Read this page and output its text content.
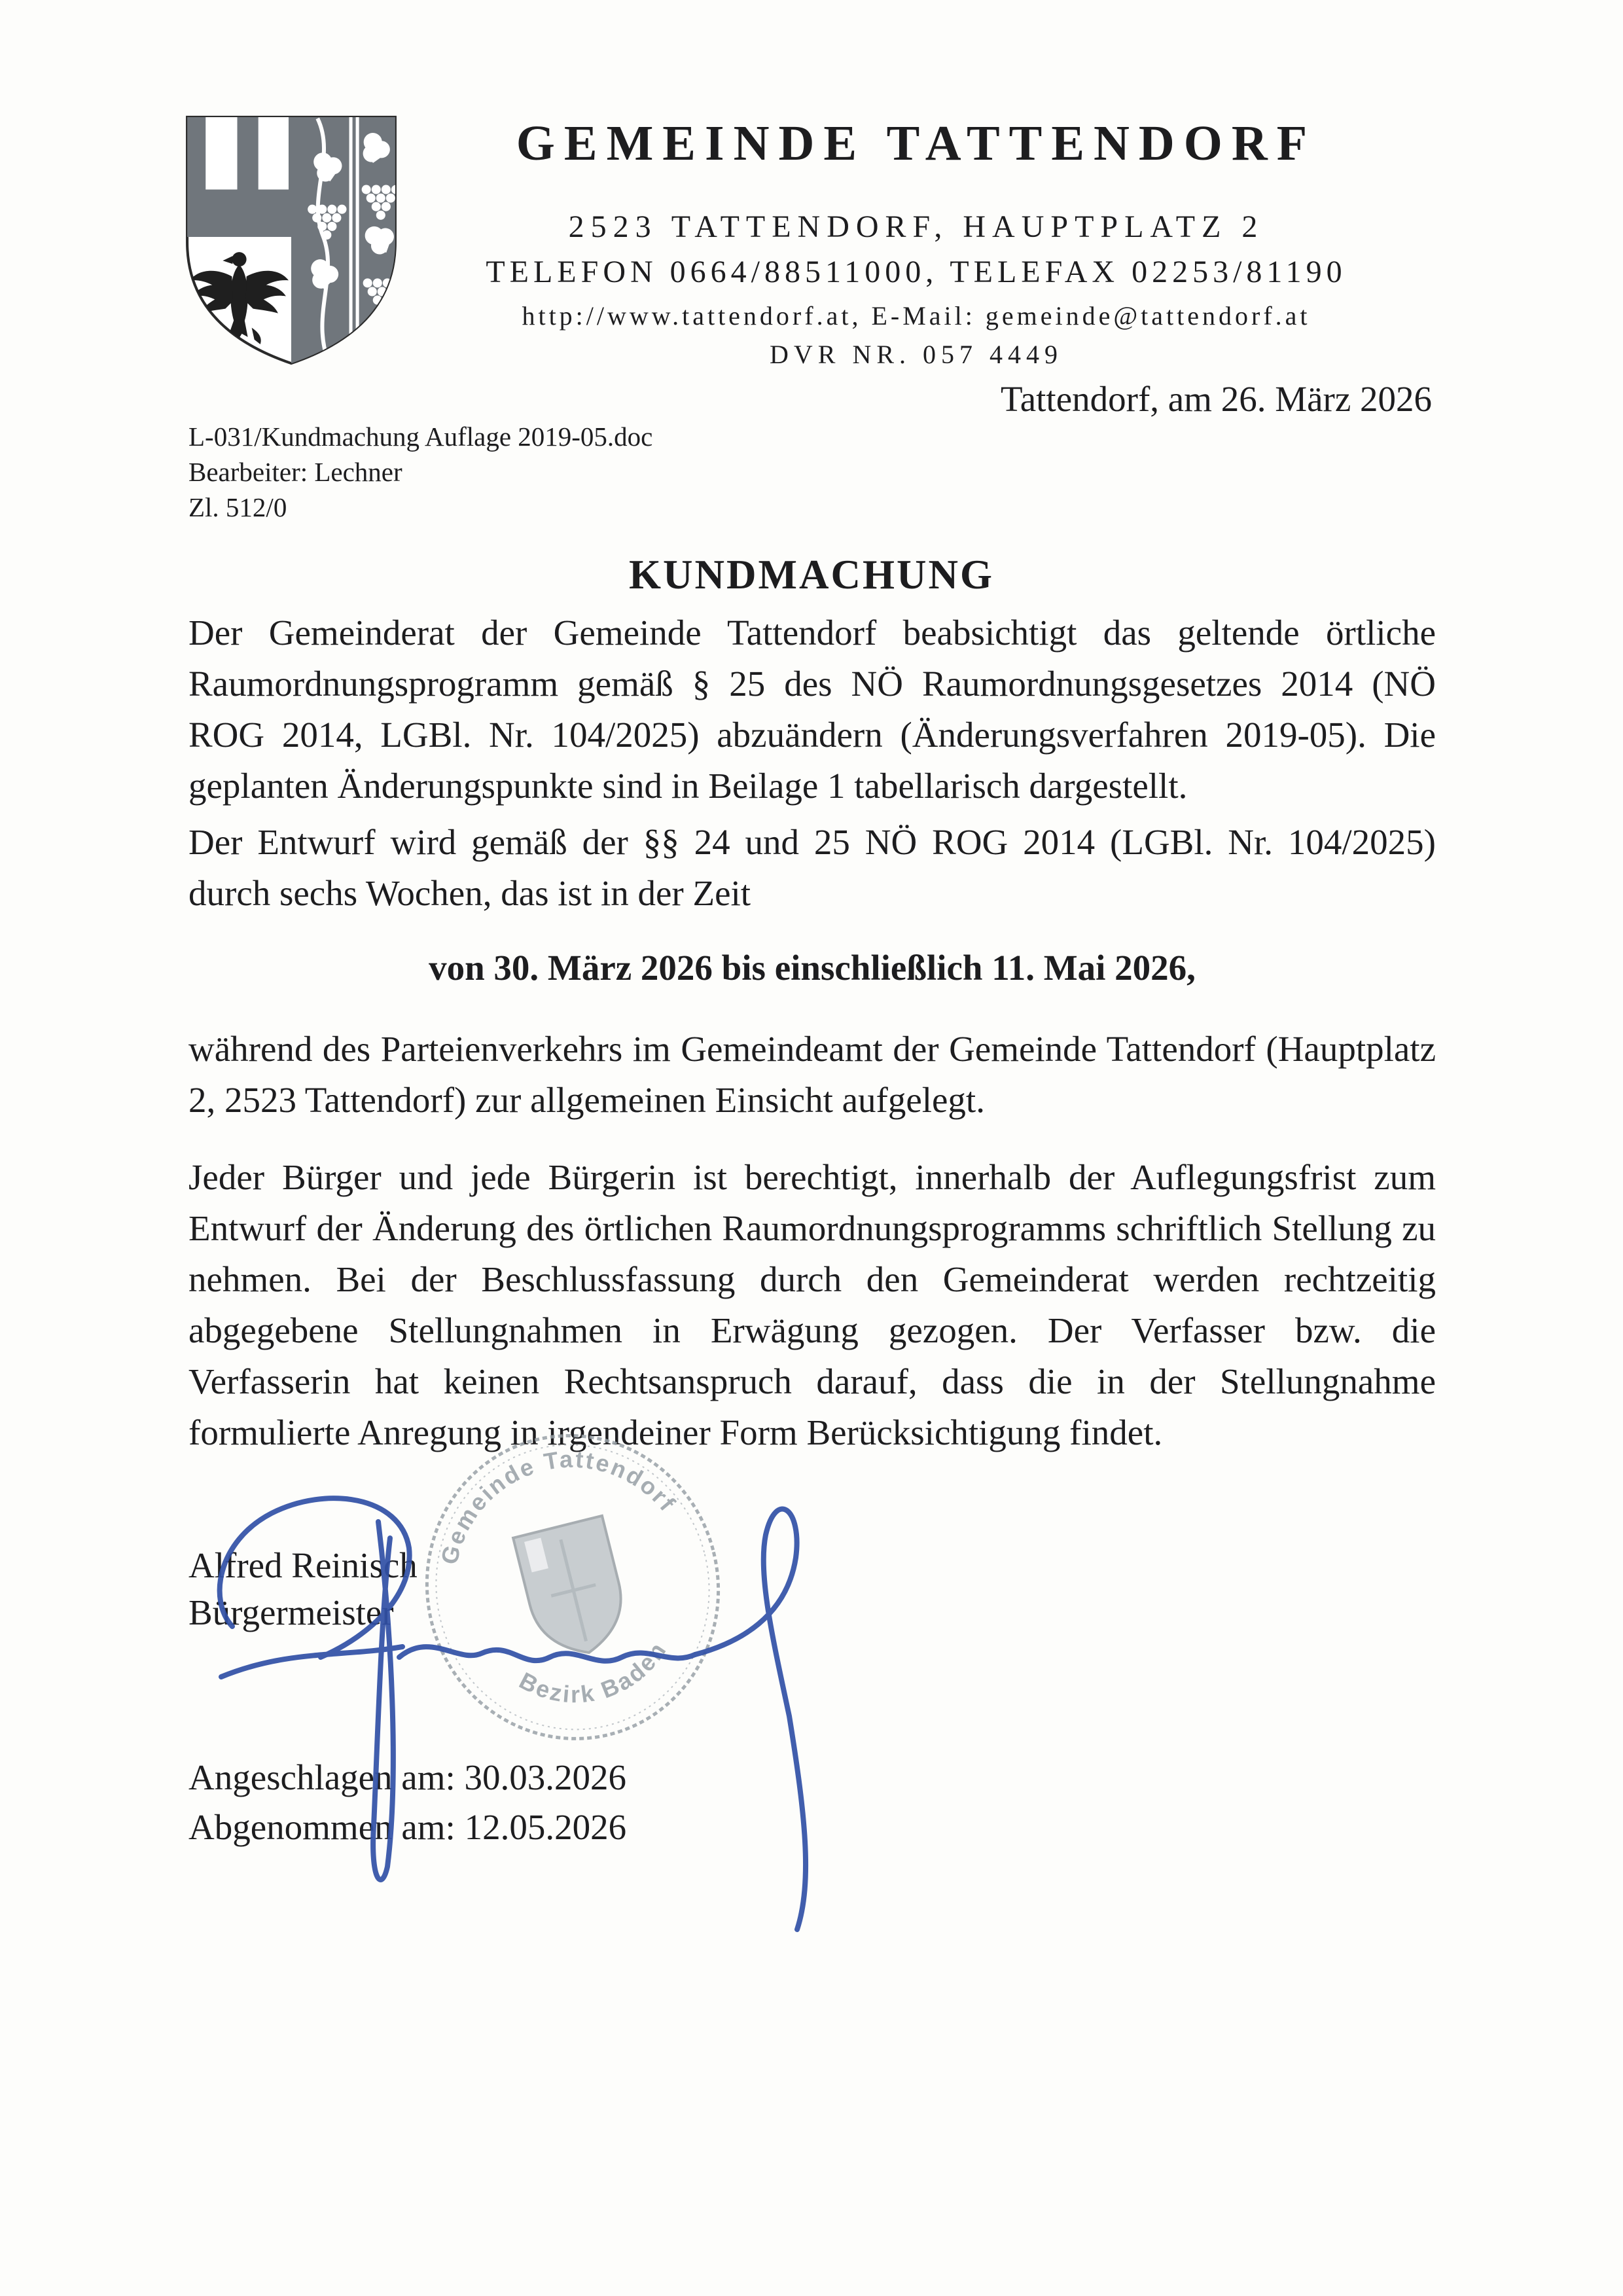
GEMEINDE TATTENDORF
2523 TATTENDORF, HAUPTPLATZ 2
TELEFON 0664/88511000, TELEFAX 02253/81190
http://www.tattendorf.at, E-Mail: gemeinde@tattendorf.at
DVR NR. 057 4449
Tattendorf, am 26. März 2026
L-031/Kundmachung Auflage 2019-05.doc
Bearbeiter: Lechner
Zl. 512/0
KUNDMACHUNG

Der Gemeinderat der Gemeinde Tattendorf beabsichtigt das geltende örtliche Raumordnungsprogramm gemäß § 25 des NÖ Raumordnungsgesetzes 2014 (NÖ ROG 2014, LGBl. Nr. 104/2025) abzuändern (Änderungsverfahren 2019-05). Die geplanten Änderungspunkte sind in Beilage 1 tabellarisch dargestellt.

Der Entwurf wird gemäß der §§ 24 und 25 NÖ ROG 2014 (LGBl. Nr. 104/2025) durch sechs Wochen, das ist in der Zeit

von 30. März 2026 bis einschließlich 11. Mai 2026,

während des Parteienverkehrs im Gemeindeamt der Gemeinde Tattendorf (Hauptplatz 2, 2523 Tattendorf) zur allgemeinen Einsicht aufgelegt.

Jeder Bürger und jede Bürgerin ist berechtigt, innerhalb der Auflegungsfrist zum Entwurf der Änderung des örtlichen Raumordnungsprogramms schriftlich Stellung zu nehmen. Bei der Beschlussfassung durch den Gemeinderat werden rechtzeitig abgegebene Stellungnahmen in Erwägung gezogen. Der Verfasser bzw. die Verfasserin hat keinen Rechtsanspruch darauf, dass die in der Stellungnahme formulierte Anregung in irgendeiner Form Berücksichtigung findet.

Alfred Reinisch
Bürgermeister
Gemeinde Tattendorf
Bezirk Baden
Angeschlagen am: 30.03.2026
Abgenommen am: 12.05.2026
